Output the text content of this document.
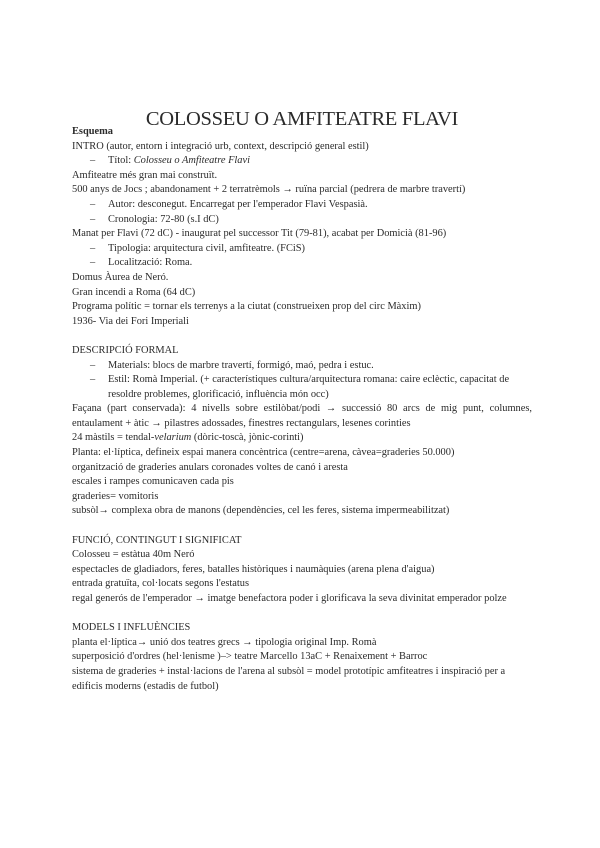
COLOSSEU O AMFITEATRE FLAVI

Esquema

INTRO (autor, entorn i integració urb, context, descripció general estil)

– Títol: Colosseu o Amfiteatre Flavi

Amfiteatre més gran mai construït.

500 anys de Jocs ; abandonament + 2 terratrèmols → ruïna parcial (pedrera de marbre travertí)

– Autor: desconegut. Encarregat per l'emperador Flavi Vespasià.

– Cronologia: 72-80 (s.I dC)

Manat per Flavi (72 dC) - inaugurat pel successor Tit (79-81), acabat per Domicià (81-96)

– Tipologia: arquitectura civil, amfiteatre. (FCiS)

– Localització: Roma.

Domus Àurea de Neró.

Gran incendi a Roma (64 dC)

Programa polític = tornar els terrenys a la ciutat (construeixen prop del circ Màxim)

1936- Via dei Fori Imperiali

DESCRIPCIÓ FORMAL

– Materials: blocs de marbre travertí, formigó, maó, pedra i estuc.

– Estil: Romà Imperial. (+ característiques cultura/arquitectura romana: caire eclèctic, capacitat de resoldre problemes, glorificació, influència món occ)

Façana (part conservada): 4 nivells sobre estilòbat/podi → successió 80 arcs de mig punt, columnes, entaulament + àtic → pilastres adossades, finestres rectangulars, lesenes corinties

24 màstils = tendal-velarium (dòric-toscà, jònic-corinti)

Planta: el·líptica, defineix espai manera concèntrica (centre=arena, càvea=graderies 50.000)

organització de graderies anulars coronades voltes de canó i aresta

escales i rampes comunicaven cada pis

graderies= vomitoris

subsòl→ complexa obra de manons (dependències, cel les feres, sistema impermeabilitzat)

FUNCIÓ, CONTINGUT I SIGNIFICAT

Colosseu = estàtua 40m Neró

espectacles de gladiadors, feres, batalles històriques i naumàquies (arena plena d'aigua)

entrada gratuïta, col·locats segons l'estatus

regal generós de l'emperador → imatge benefactora poder i glorificava la seva divinitat emperador polze

MODELS I INFLUÈNCIES

planta el·líptica→ unió dos teatres grecs → tipologia original Imp. Romà

superposició d'ordres (hel·lenisme )–> teatre Marcello 13aC + Renaixement + Barroc

sistema de graderies + instal·lacions de l'arena al subsòl = model prototípic amfiteatres i inspiració per a edificis moderns (estadis de futbol)
